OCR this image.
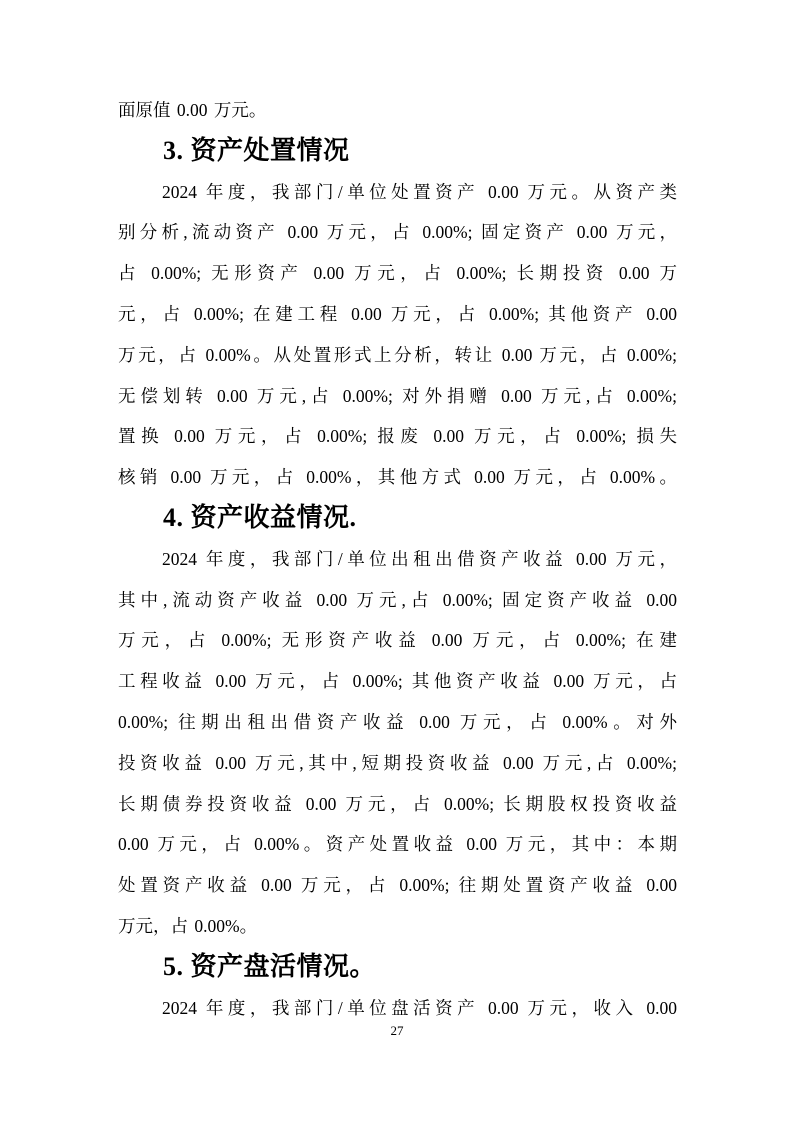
面原值 0.00 万元。
3. 资产处置情况
2024 年度，我部门/单位处置资产 0.00 万元。从资产类
别分析,流动资产 0.00 万元，占 0.00%; 固定资产 0.00 万元，
占 0.00%; 无形资产 0.00 万元，占 0.00%; 长期投资 0.00 万
元，占 0.00%; 在建工程 0.00 万元，占 0.00%; 其他资产 0.00
万元，占 0.00%。从处置形式上分析，转让 0.00 万元，占 0.00%;
无偿划转 0.00 万元,占 0.00%; 对外捐赠 0.00 万元,占 0.00%;
置换 0.00 万元，占 0.00%; 报废 0.00 万元，占 0.00%; 损失
核销 0.00 万元，占 0.00%，其他方式 0.00 万元，占 0.00%。
4. 资产收益情况.
2024 年度，我部门/单位出租出借资产收益 0.00 万元，
其中,流动资产收益 0.00 万元,占 0.00%; 固定资产收益 0.00
万元，占 0.00%; 无形资产收益 0.00 万元，占 0.00%; 在建
工程收益 0.00 万元，占 0.00%; 其他资产收益 0.00 万元，占
0.00%; 往期出租出借资产收益 0.00 万元，占 0.00%。对外
投资收益 0.00 万元,其中,短期投资收益 0.00 万元,占 0.00%;
长期债券投资收益 0.00 万元，占 0.00%; 长期股权投资收益
0.00 万元，占 0.00%。资产处置收益 0.00 万元，其中：本期
处置资产收益 0.00 万元，占 0.00%; 往期处置资产收益 0.00
万元，占 0.00%。
5. 资产盘活情况。
2024 年度，我部门/单位盘活资产 0.00 万元，收入 0.00
27
